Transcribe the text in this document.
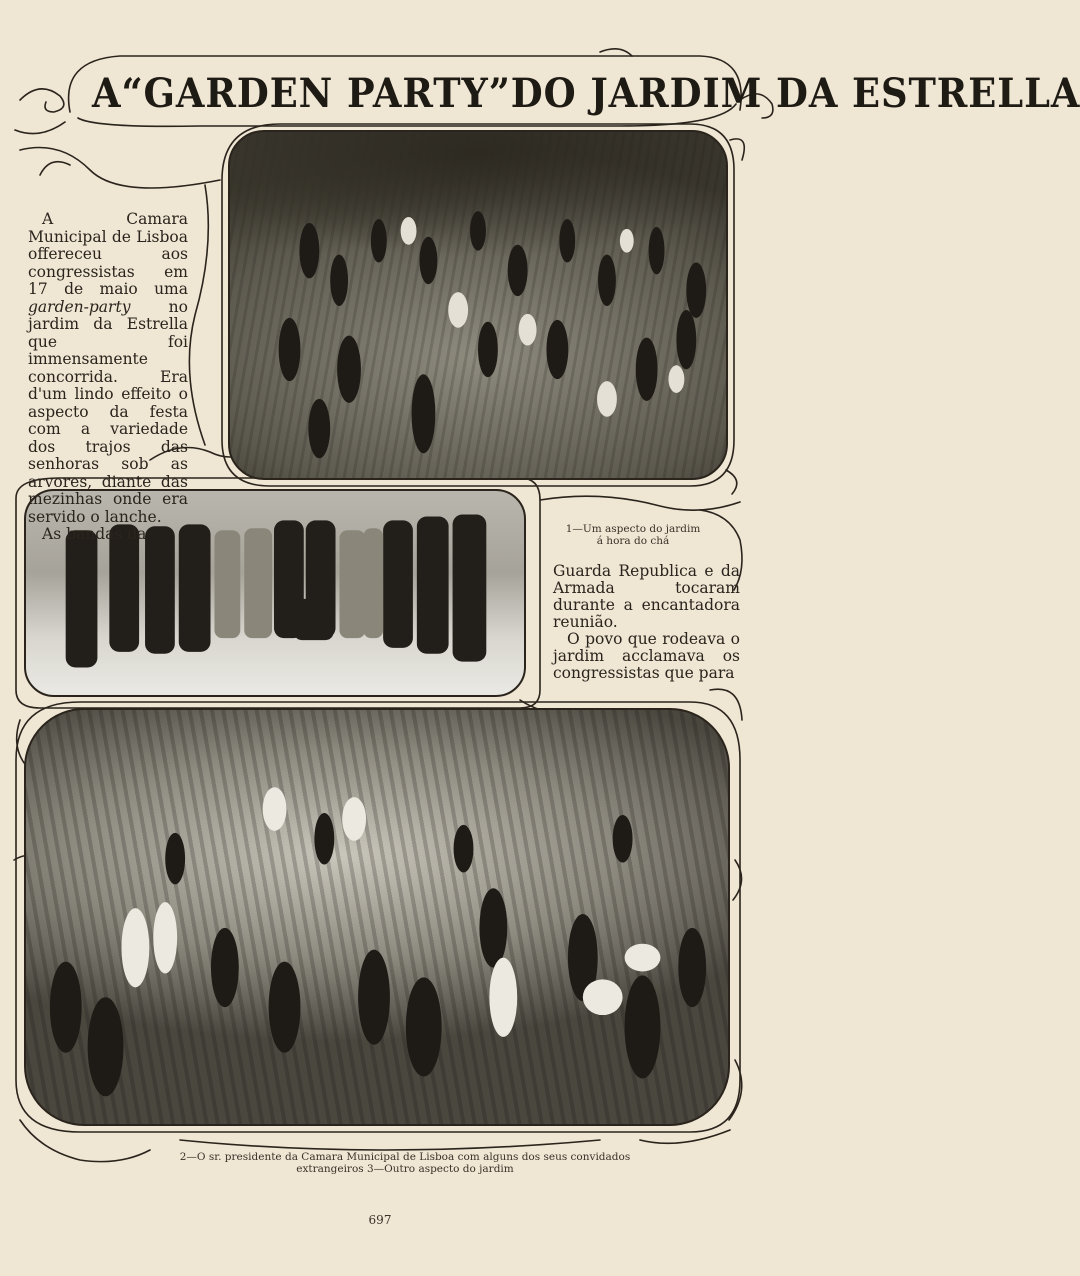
A“GARDEN PARTY”DO JARDIM DA ESTRELLA

A Camara Municipal de Lisboa offereceu aos congressistas em 17 de maio uma garden-party no jardim da Estrella que foi immensamente concorrida. Era d'um lindo effeito o aspecto da festa com a variedade dos trajos das senhoras sob as arvores, diante das mezinhas onde era servido o lanche.

As bandas da	1—Um aspecto do jardim
á hora do chá

Guarda Republica e da Armada tocaram durante a encantadora reunião.

O povo que rodeava o jardim acclamava os congressistas que para

2—O sr. presidente da Camara Municipal de Lisboa com alguns dos seus convidados
extrangeiros 3—Outro aspecto do jardim
697
